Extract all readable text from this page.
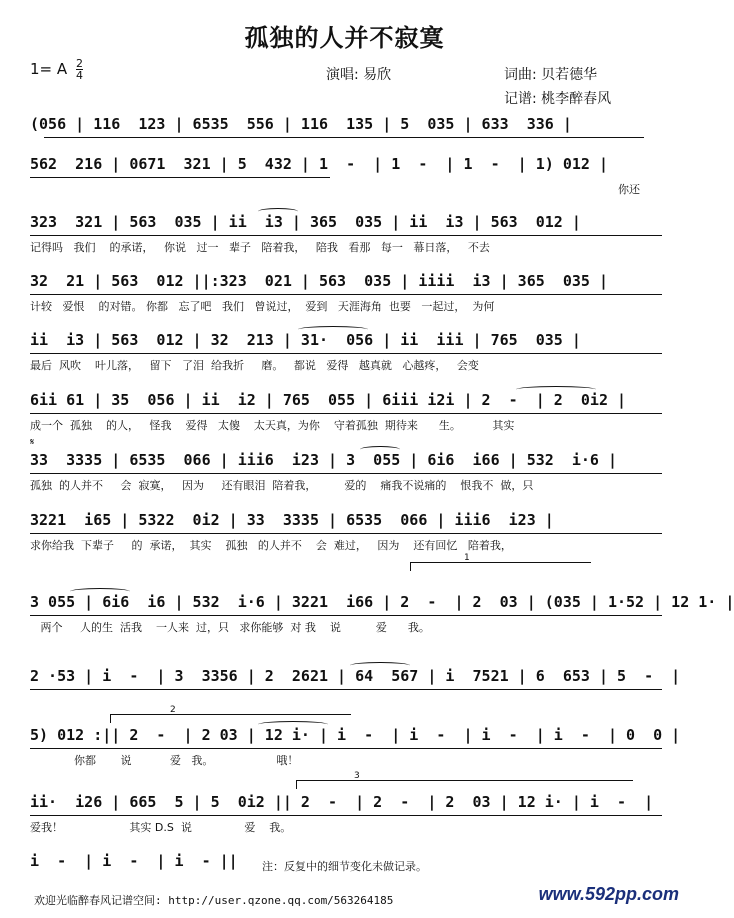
孤独的人并不寂寞
1= A $\frac{2}{4}$	演唱: 易欣	词曲: 贝若德华
记谱: 桃李醉春风
(056 | 116  123 | 6535  556 | 116  135 | 5  035 | 633  336 |
562  216 | 0671  321 | 5  432 | 1  -  | 1  -  | 1  -  | 1) 012 |
你还
323  321 | 563  035 | ii  i3 | 365  035 | ii  i3 | 563  012 |
记得吗   我们    的承诺，   你说   过一   辈子   陪着我，   陪我   看那   每一   幕日落，   不去
32  21 | 563  012 ||:323  021 | 563  035 | iiii  i3 | 365  035 |
计较   爱恨    的对错。 你都   忘了吧   我们   曾说过，  爱到   天涯海角  也要   一起过，  为何
ii  i3 | 563  012 | 32  213 | 31·  056 | ii  iii | 765  035 |
最后  风吹    叶儿落，   留下   了泪  给我折     磨。   都说   爱得   越真就   心越疼，   会变
6ii 61 | 35  056 | ii  i2 | 765  055 | 6iii i2i | 2  -  | 2  0i2 |
成一个  孤独    的人，   怪我    爱得   太傻    太天真，为你    守着孤独  期待来      生。         其实
𝄋
33  3335 | 6535  066 | iii6  i23 | 3  055 | 6i6  i66 | 532  i·6 |
孤独  的人并不     会  寂寞，   因为     还有眼泪  陪着我，        爱的    痛我不说痛的    恨我不  做，只
3221  i65 | 5322  0i2 | 33  3335 | 6535  066 | iii6  i23 |
求你给我  下辈子     的  承诺，  其实    孤独   的人并不    会  难过，   因为    还有回忆   陪着我，
1
3 055 | 6i6  i6 | 532  i·6 | 3221  i66 | 2  -  | 2  03 | (035 | 1·52 | 12 1· |
两个     人的生  活我    一人来  过，只   求你能够  对 我    说          爱      我。
2 ·53 | i  -  | 3  3356 | 2  2621 | 64  567 | i  7521 | 6  653 | 5  -  |
2
5) 012 :|| 2  -  | 2 03 | 12 i· | i  -  | i  -  | i  -  | i  -  | 0  0 |
你都       说           爱   我。                  哦！
3
ii·  i26 | 665  5 | 5  0i2 || 2  -  | 2  -  | 2  03 | 12 i· | i  -  |
爱我！                   其实 D.S  说               爱    我。
i  -  | i  -  | i  - ||	注：反复中的细节变化未做记录。
欢迎光临醉春风记谱空间: http://user.qzone.qq.com/563264185	www.592pp.com
